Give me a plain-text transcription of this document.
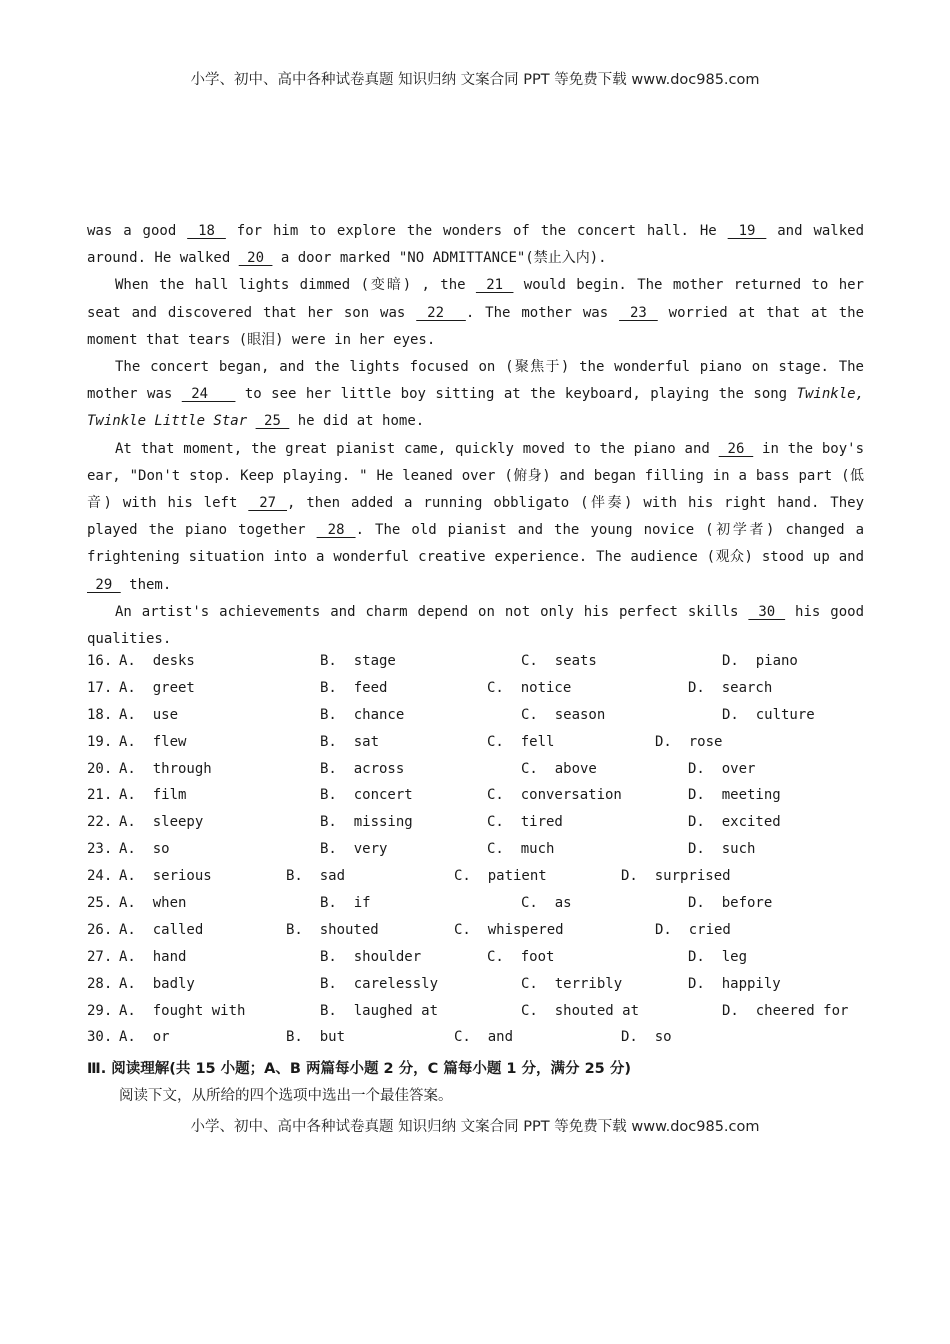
小学、初中、高中各种试卷真题 知识归纳 文案合同 PPT 等免费下载 www.doc985.com

was a good  18  for him to explore the wonders of the concert hall. He  19  and walked around. He walked  20  a door marked "NO ADMITTANCE"(禁止入内).

When the hall lights dimmed (变暗) , the  21  would begin. The mother returned to her seat and discovered that her son was  22  . The mother was  23  worried at that at the moment that tears (眼泪) were in her eyes.

The concert began, and the lights focused on (聚焦于) the wonderful piano on stage. The mother was  24  _ to see her little boy sitting at the keyboard, playing the song Twinkle, Twinkle Little Star  25  he did at home.

At that moment, the great pianist came, quickly moved to the piano and  26  in the boy's ear, "Don't stop. Keep playing. " He leaned over (俯身) and began filling in a bass part (低音) with his left  27 , then added a running obbligato (伴奏) with his right hand. They played the piano together  28 . The old pianist and the young novice (初学者) changed a frightening situation into a wonderful creative experience. The audience (观众) stood up and  29  them.

An artist's achievements and charm depend on not only his perfect skills  30  his good qualities.

16. A.  desks	B.  stage	C.  seats	D.  piano
17. A.  greet	B.  feed	C.  notice	D.  search
18. A.  use	B.  chance	C.  season	D.  culture
19. A.  flew	B.  sat	C.  fell	D.  rose
20. A.  through	B.  across	C.  above	D.  over
21. A.  film	B.  concert	C.  conversation	D.  meeting
22. A.  sleepy	B.  missing	C.  tired	D.  excited
23. A.  so	B.  very	C.  much	D.  such
24. A.  serious	B.  sad	C.  patient	D.  surprised
25. A.  when	B.  if	C.  as	D.  before
26. A.  called	B.  shouted	C.  whispered	D.  cried
27. A.  hand	B.  shoulder	C.  foot	D.  leg
28. A.  badly	B.  carelessly	C.  terribly	D.  happily
29. A.  fought with	B.  laughed at	C.  shouted at	D.  cheered for
30. A.  or	B.  but	C.  and	D.  so
Ⅲ. 阅读理解(共 15 小题；A、B 两篇每小题 2 分，C 篇每小题 1 分，满分 25 分)
阅读下文，从所给的四个选项中选出一个最佳答案。
小学、初中、高中各种试卷真题 知识归纳 文案合同 PPT 等免费下载 www.doc985.com
